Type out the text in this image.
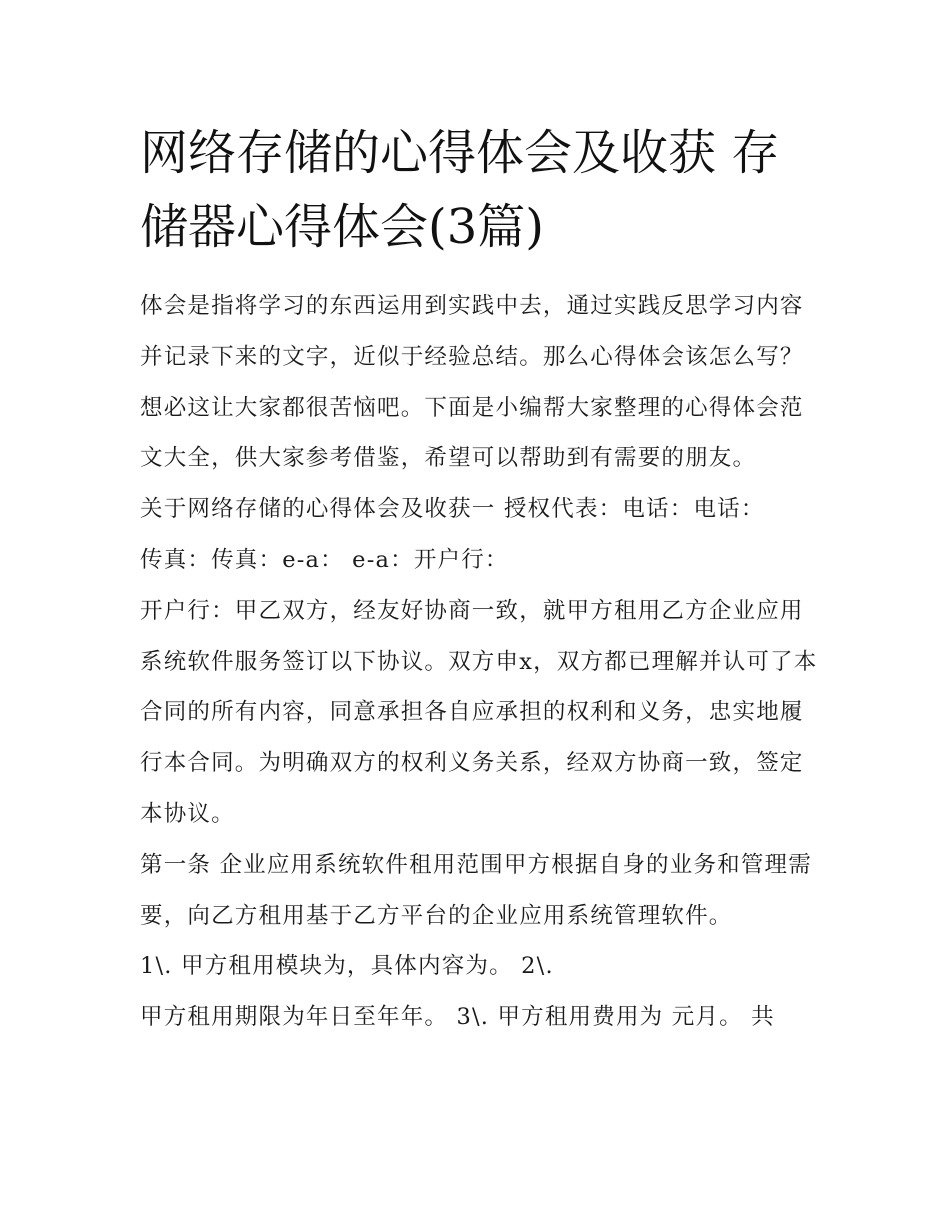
网络存储的心得体会及收获 存储器心得体会(3篇)

体会是指将学习的东西运用到实践中去，通过实践反思学习内容并记录下来的文字，近似于经验总结。那么心得体会该怎么写？想必这让大家都很苦恼吧。下面是小编帮大家整理的心得体会范文大全，供大家参考借鉴，希望可以帮助到有需要的朋友。

关于网络存储的心得体会及收获一 授权代表：电话：电话：

传真：传真：e-a： e-a：开户行：

开户行：甲乙双方，经友好协商一致，就甲方租用乙方企业应用系统软件服务签订以下协议。双方申x，双方都已理解并认可了本合同的所有内容，同意承担各自应承担的权利和义务，忠实地履行本合同。为明确双方的权利义务关系，经双方协商一致，签定本协议。

第一条 企业应用系统软件租用范围甲方根据自身的业务和管理需要，向乙方租用基于乙方平台的企业应用系统管理软件。

1\. 甲方租用模块为，具体内容为。 2\.

甲方租用期限为年日至年年。 3\. 甲方租用费用为 元月。 共
